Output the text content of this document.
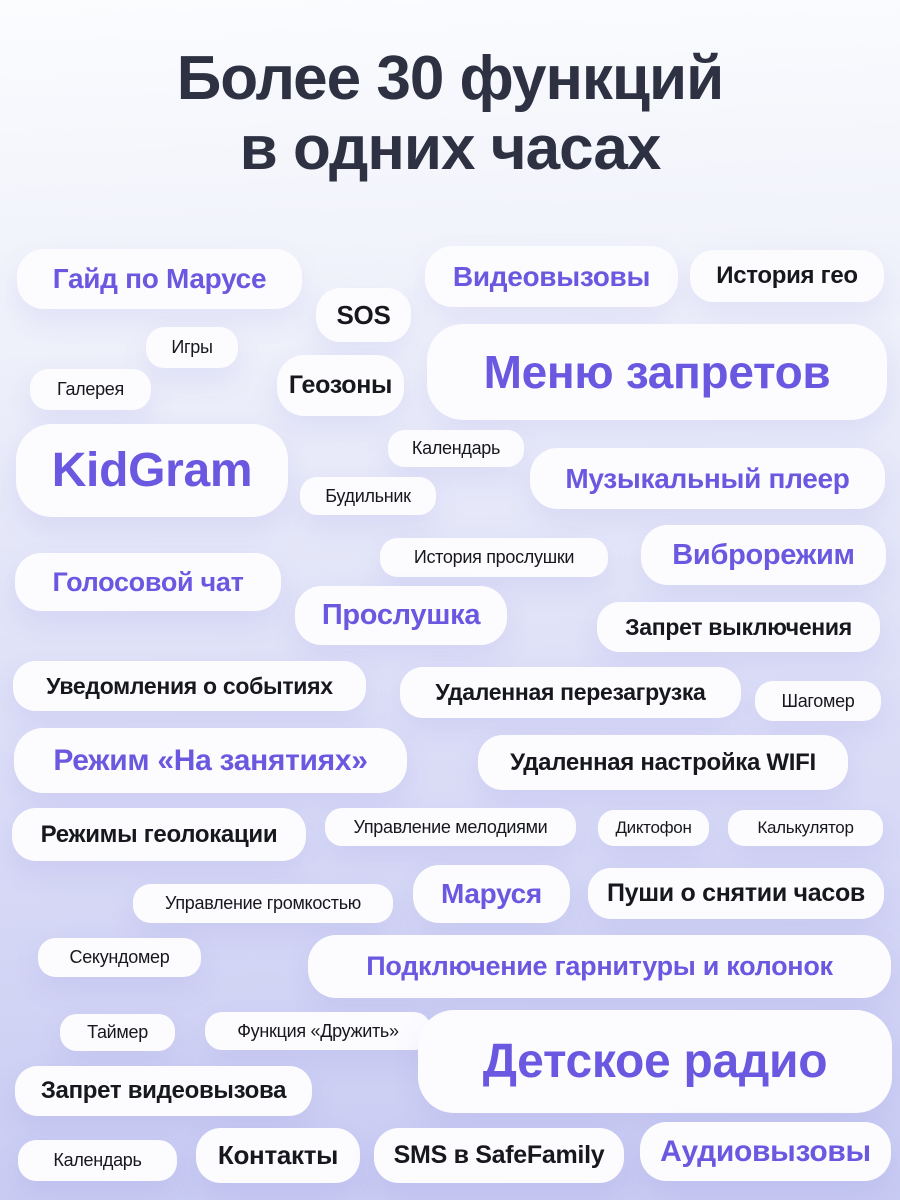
Более 30 функций
в одних часах
Гайд по Марусе
SOS
Видеовызовы	История гео
Игры
Геозоны Меню запретов
Галерея
KidGram	Календарь
Будильник
Музыкальный плеер
История прослушки	Виброрежим
Голосовой чат
Прослушка	Запрет выключения
Уведомления о событиях	Удаленная перезагрузка	Шагомер
Режим «На занятиях»	Удаленная настройка WIFI
Режимы геолокации	Управление мелодиями	Диктофон	Калькулятор
Управление громкостью	Маруся	Пуши о снятии часов
Секундомер	Подключение гарнитуры и колонок
Таймер	Функция «Дружить»
Детское радио
Запрет видеовызова
Календарь	Контакты SMS в SafeFamily Аудиовызовы
